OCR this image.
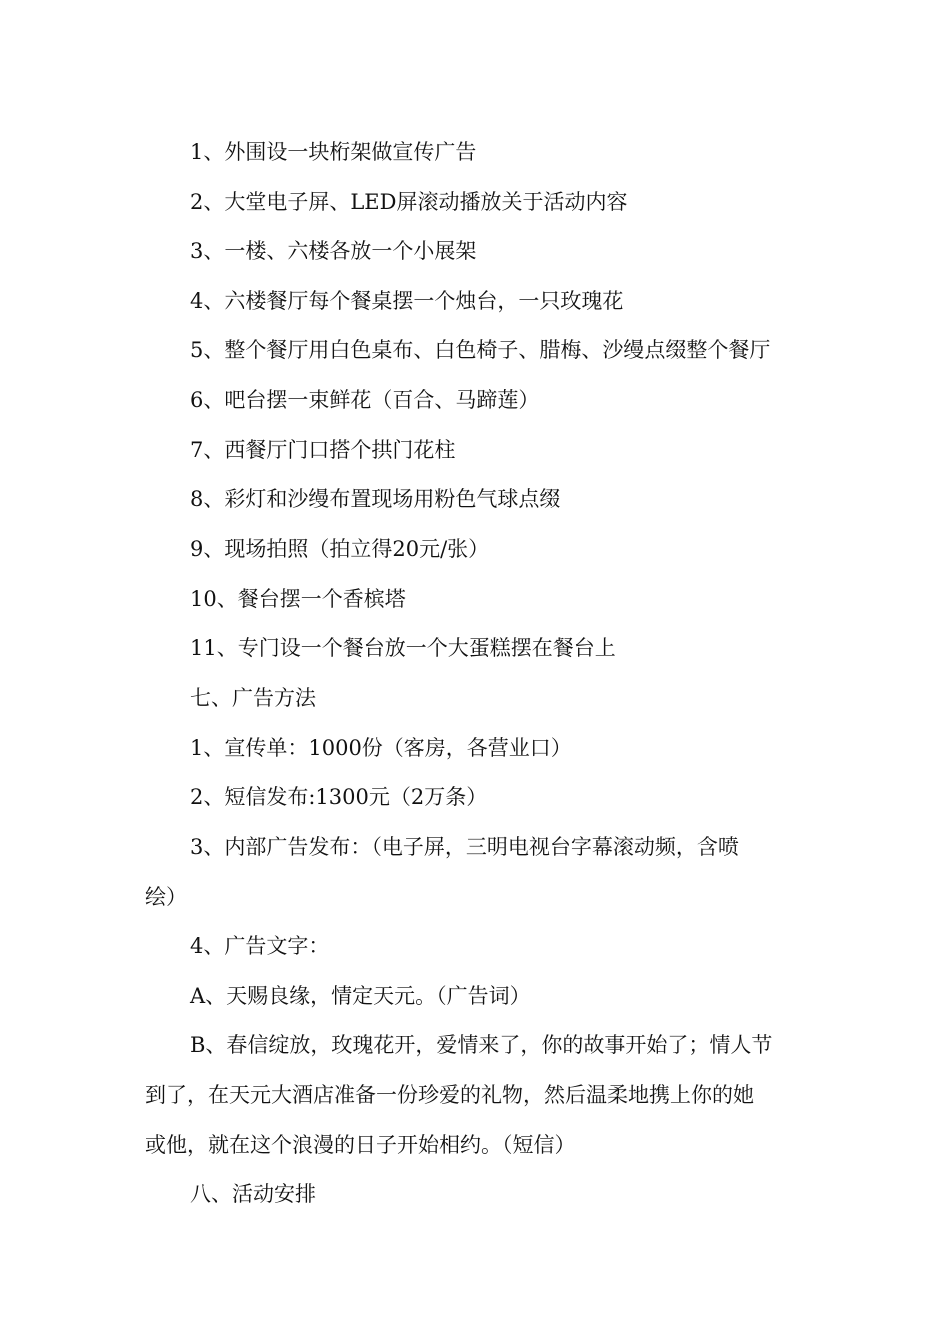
1、外围设一块桁架做宣传广告
2、大堂电子屏、LED屏滚动播放关于活动内容
3、一楼、六楼各放一个小展架
4、六楼餐厅每个餐桌摆一个烛台，一只玫瑰花
5、整个餐厅用白色桌布、白色椅子、腊梅、沙缦点缀整个餐厅
6、吧台摆一束鲜花（百合、马蹄莲）
7、西餐厅门口搭个拱门花柱
8、彩灯和沙缦布置现场用粉色气球点缀
9、现场拍照（拍立得20元/张）
10、餐台摆一个香槟塔
11、专门设一个餐台放一个大蛋糕摆在餐台上
七、广告方法
1、宣传单：1000份（客房，各营业口）
2、短信发布:1300元（2万条）
3、内部广告发布：（电子屏，三明电视台字幕滚动频，含喷
绘）
4、广告文字：
A、天赐良缘，情定天元。（广告词）
B、春信绽放，玫瑰花开，爱情来了，你的故事开始了；情人节
到了，在天元大酒店准备一份珍爱的礼物，然后温柔地携上你的她
或他，就在这个浪漫的日子开始相约。（短信）
八、活动安排
